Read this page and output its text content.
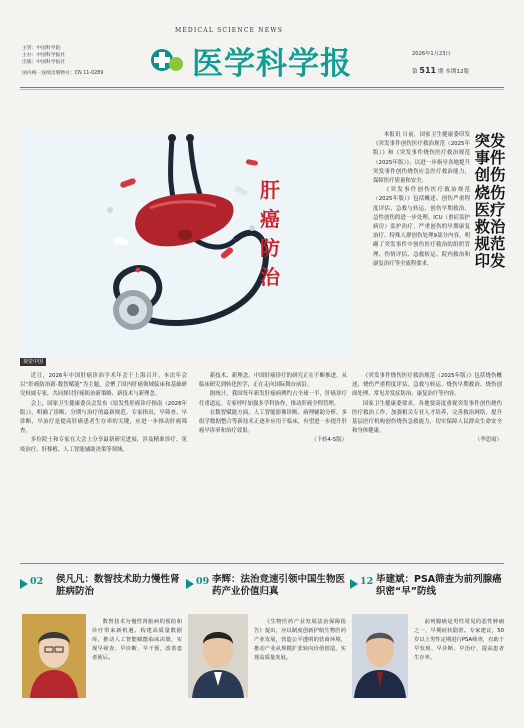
主管：中国科学院
主办：中国科学报社
出版：中国科学报社
国内统一连续出版物号：CN 11-0289
MEDICAL SCIENCE NEWS
医学科学报	2026年1月23日
第 511 期 本期12版
肝
癌
防
治
视觉中国

本报讯 日前，国家卫生健康委印发《突发事件创伤医疗救治规范（2025年版）》和《突发事件烧伤医疗救治规范（2025年版）》，以进一步指导各地提升突发事件创伤烧伤应急医疗救治能力，保障医疗质量和安全。

《突发事件创伤医疗救治规范（2025年版）》包括概述、创伤严重程度评估、急救与转运、创伤早期救治、急性创伤的进一步处理、ICU（重症监护病房）监护治疗、严重创伤的早期康复治疗、特殊人群创伤处理9部分内容，明确了突发事件中创伤医疗救治的组织管理、伤情评估、急救转运、院内救治和康复治疗等全流程要求。

突发事件创伤烧伤医疗救治规范印发

近日，2026年中国肝癌诊治学术年会于上海召开。本次年会以“肝癌防治新·数智赋能”为主题，会聚了国内肝癌领域临床和基础研究权威专家，共同探讨肝癌防治新策略、新技术与新理念。

会上，国家卫生健康委员会发布《原发性肝癌诊疗指南（2026年版）》，明确了诊断、分期与治疗的最新规范。专家指出，早筛查、早诊断、早治疗是提高肝癌患者生存率的关键，应进一步推动肝癌筛查。

多位院士和专家在大会上分享最新研究进展，涉及精准诊疗、免疫治疗、肝移植、人工智能辅助决策等领域。

新技术、新理念。中国肝癌诊疗的研究正在不断推进，从临床研究到转化医学，正在走向国际舞台前沿。

据统计，我国每年新发肝癌病例约占全球一半，肝癌诊疗任重道远。专家呼吁加强多学科协作，推动肝癌全程管理。

在数智赋能方面，人工智能影像诊断、病理辅助分析、多组学数据整合等新技术正逐步应用于临床，有望进一步提升肝癌早诊率和治疗效果。

（下转4-5版）

《突发事件烧伤医疗救治规范（2025年版）》包括烧伤概述、烧伤严重程度评估、急救与转运、烧伤早期救治、烧伤创面处理、常见并发症防治、康复治疗等内容。

国家卫生健康委要求，各地要高度重视突发事件创伤烧伤医疗救治工作，加强相关专业人才培养，完善救治网络，提升基层医疗机构创伤烧伤急救能力，切实保障人民群众生命安全和身体健康。

（李思雨）
02 侯凡凡：数智技术助力慢性肾脏病防治

数智技术为慢性肾脏病的预防和诊疗带来新机遇。构建高质量数据库，推动人工智能赋能临床决策，实现早筛查、早诊断、早干预，改善患者预后。

09 李辉：法治竞速引领中国生物医药产业价值归真

《生物医药产业发展法治保障报告》提出，应以制度创新护航生物医药产业发展，营造公平透明的营商环境，推动产业从规模扩张转向价值创造，实现高质量发展。

12 毕建斌：PSA筛查为前列腺癌织密“早”防线

前列腺癌是男性常见的恶性肿瘤之一，早期症状隐匿。专家建议，50岁以上男性定期进行PSA筛查，有助于早发现、早诊断、早治疗，提高患者生存率。
